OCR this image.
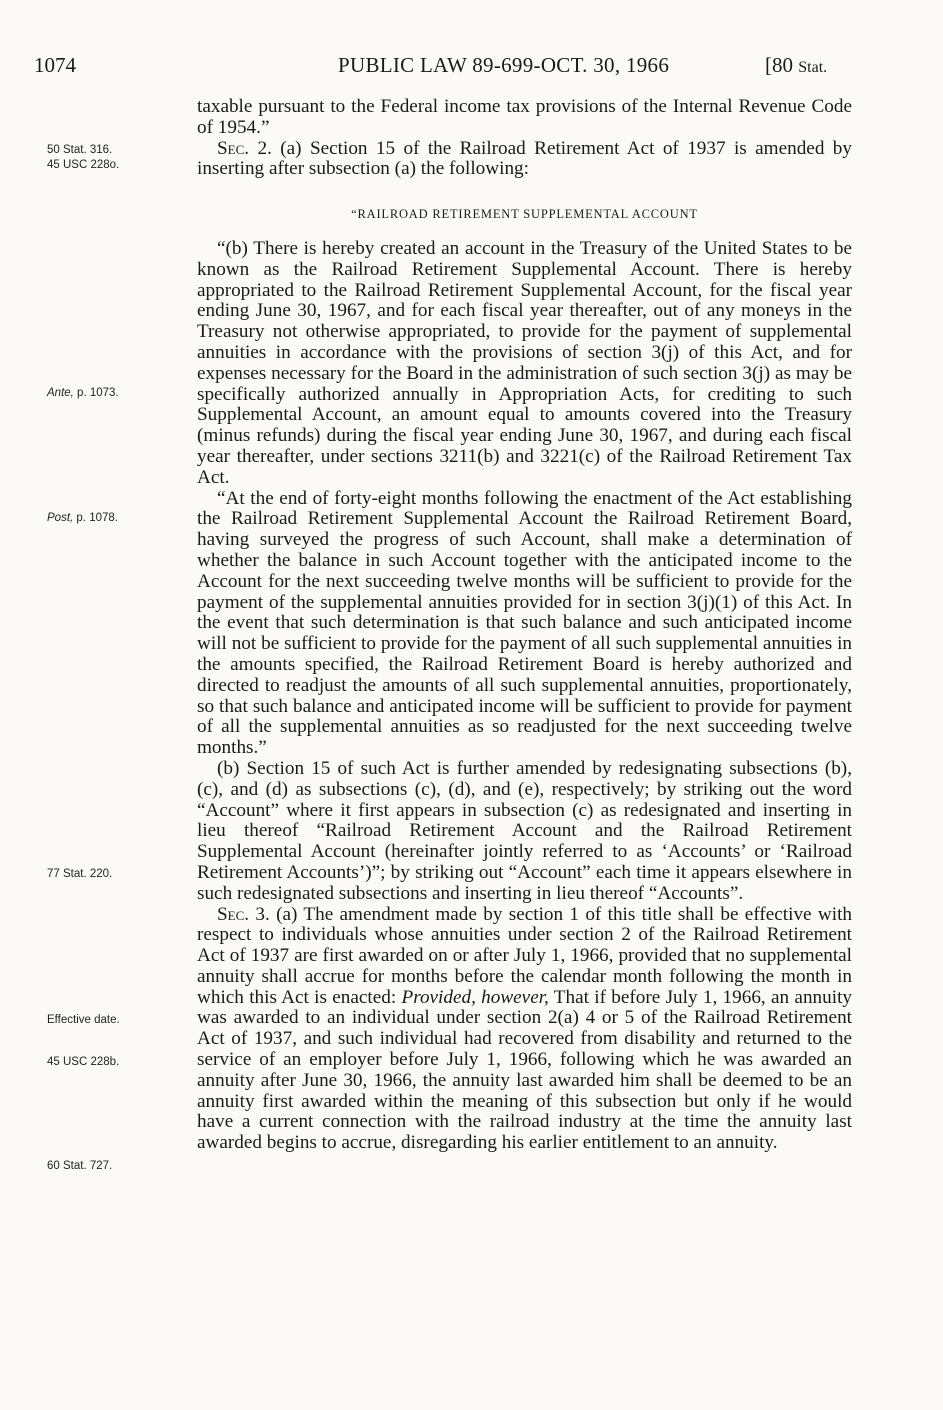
1074	PUBLIC LAW 89-699-OCT. 30, 1966	[80 Stat.
50 Stat. 316.
45 USC 228o.
Ante, p. 1073.
Post, p. 1078.
77 Stat. 220.
Effective date.
45 USC 228b.
60 Stat. 727.

taxable pursuant to the Federal income tax provisions of the Internal Revenue Code of 1954.”

Sec. 2. (a) Section 15 of the Railroad Retirement Act of 1937 is amended by inserting after subsection (a) the following:

“RAILROAD RETIREMENT SUPPLEMENTAL ACCOUNT

“(b) There is hereby created an account in the Treasury of the United States to be known as the Railroad Retirement Supplemental Account. There is hereby appropriated to the Railroad Retirement Supplemental Account, for the fiscal year ending June 30, 1967, and for each fiscal year thereafter, out of any moneys in the Treasury not otherwise appropriated, to provide for the payment of supplemental annuities in accordance with the provisions of section 3(j) of this Act, and for expenses necessary for the Board in the administration of such section 3(j) as may be specifically authorized annually in Appropriation Acts, for crediting to such Supplemental Account, an amount equal to amounts covered into the Treasury (minus refunds) during the fiscal year ending June 30, 1967, and during each fiscal year thereafter, under sections 3211(b) and 3221(c) of the Railroad Retirement Tax Act.

“At the end of forty-eight months following the enactment of the Act establishing the Railroad Retirement Supplemental Account the Railroad Retirement Board, having surveyed the progress of such Account, shall make a determination of whether the balance in such Account together with the anticipated income to the Account for the next succeeding twelve months will be sufficient to provide for the payment of the supplemental annuities provided for in section 3(j)(1) of this Act. In the event that such determination is that such balance and such anticipated income will not be sufficient to provide for the payment of all such supplemental annuities in the amounts specified, the Railroad Retirement Board is hereby authorized and directed to readjust the amounts of all such supplemental annuities, proportionately, so that such balance and anticipated income will be sufficient to provide for payment of all the supplemental annuities as so readjusted for the next succeeding twelve months.”

(b) Section 15 of such Act is further amended by redesignating subsections (b), (c), and (d) as subsections (c), (d), and (e), respectively; by striking out the word “Account” where it first appears in subsection (c) as redesignated and inserting in lieu thereof “Railroad Retirement Account and the Railroad Retirement Supplemental Account (hereinafter jointly referred to as ‘Accounts’ or ‘Railroad Retirement Accounts’)”; by striking out “Account” each time it appears elsewhere in such redesignated subsections and inserting in lieu thereof “Accounts”.

Sec. 3. (a) The amendment made by section 1 of this title shall be effective with respect to individuals whose annuities under section 2 of the Railroad Retirement Act of 1937 are first awarded on or after July 1, 1966, provided that no supplemental annuity shall accrue for months before the calendar month following the month in which this Act is enacted: Provided, however, That if before July 1, 1966, an annuity was awarded to an individual under section 2(a) 4 or 5 of the Railroad Retirement Act of 1937, and such individual had recovered from disability and returned to the service of an employer before July 1, 1966, following which he was awarded an annuity after June 30, 1966, the annuity last awarded him shall be deemed to be an annuity first awarded within the meaning of this subsection but only if he would have a current connection with the railroad industry at the time the annuity last awarded begins to accrue, disregarding his earlier entitlement to an annuity.
